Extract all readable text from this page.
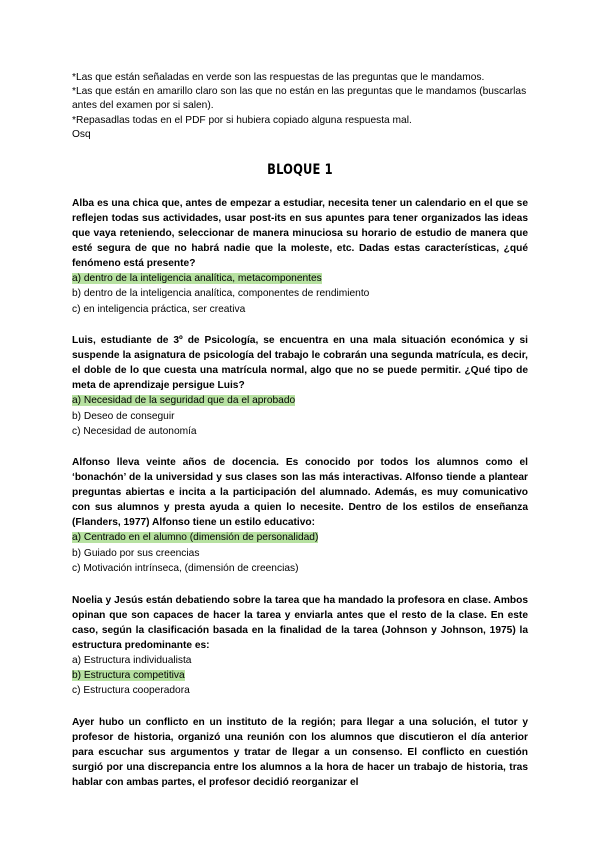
*Las que están señaladas en verde son las respuestas de las preguntas que le mandamos.

*Las que están en amarillo claro son las que no están en las preguntas que le mandamos (buscarlas antes del examen por si salen).

*Repasadlas todas en el PDF por si hubiera copiado alguna respuesta mal.

Osq

BLOQUE 1

Alba es una chica que, antes de empezar a estudiar, necesita tener un calendario en el que se reflejen todas sus actividades, usar post-its en sus apuntes para tener organizados las ideas que vaya reteniendo, seleccionar de manera minuciosa su horario de estudio de manera que esté segura de que no habrá nadie que la moleste, etc. Dadas estas características, ¿qué fenómeno está presente?

a) dentro de la inteligencia analítica, metacomponentes

b) dentro de la inteligencia analítica, componentes de rendimiento

c) en inteligencia práctica, ser creativa

Luis, estudiante de 3º de Psicología, se encuentra en una mala situación económica y si suspende la asignatura de psicología del trabajo le cobrarán una segunda matrícula, es decir, el doble de lo que cuesta una matrícula normal, algo que no se puede permitir. ¿Qué tipo de meta de aprendizaje persigue Luis?

a) Necesidad de la seguridad que da el aprobado

b) Deseo de conseguir

c) Necesidad de autonomía

Alfonso lleva veinte años de docencia. Es conocido por todos los alumnos como el ‘bonachón’ de la universidad y sus clases son las más interactivas. Alfonso tiende a plantear preguntas abiertas e incita a la participación del alumnado. Además, es muy comunicativo con sus alumnos y presta ayuda a quien lo necesite. Dentro de los estilos de enseñanza (Flanders, 1977) Alfonso tiene un estilo educativo:

a) Centrado en el alumno (dimensión de personalidad)

b) Guiado por sus creencias

c) Motivación intrínseca, (dimensión de creencias)

Noelia y Jesús están debatiendo sobre la tarea que ha mandado la profesora en clase. Ambos opinan que son capaces de hacer la tarea y enviarla antes que el resto de la clase. En este caso, según la clasificación basada en la finalidad de la tarea (Johnson y Johnson, 1975) la estructura predominante es:

a) Estructura individualista

b) Estructura competitiva

c) Estructura cooperadora

Ayer hubo un conflicto en un instituto de la región; para llegar a una solución, el tutor y profesor de historia, organizó una reunión con los alumnos que discutieron el día anterior para escuchar sus argumentos y tratar de llegar a un consenso. El conflicto en cuestión surgió por una discrepancia entre los alumnos a la hora de hacer un trabajo de historia, tras hablar con ambas partes, el profesor decidió reorganizar el
